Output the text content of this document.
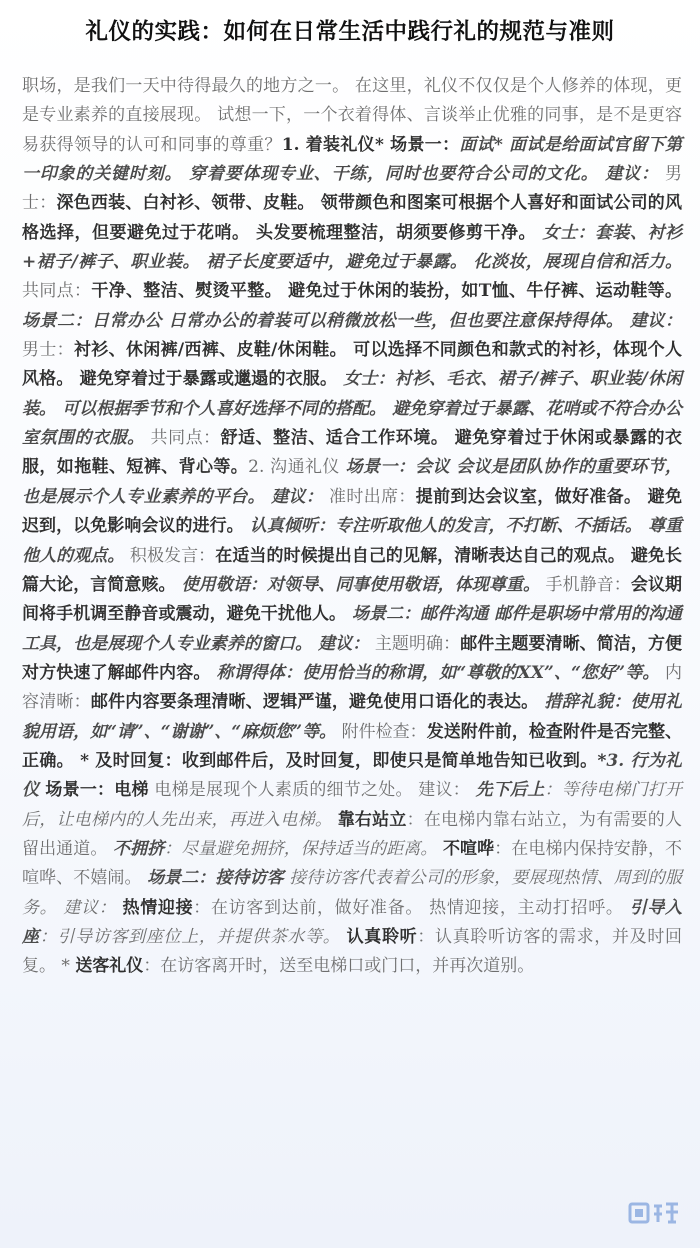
礼仪的实践：如何在日常生活中践行礼的规范与准则
职场，是我们一天中待得最久的地方之一。 在这里，礼仪不仅仅是个人修养的体现，更是专业素养的直接展现。 试想一下，一个衣着得体、言谈举止优雅的同事，是不是更容易获得领导的认可和同事的尊重？1. 着装礼仪* 场景一：面试* 面试是给面试官留下第一印象的关键时刻。 穿着要体现专业、干练，同时也要符合公司的文化。 建议： 男士：深色西装、白衬衫、领带、皮鞋。 领带颜色和图案可根据个人喜好和面试公司的风格选择，但要避免过于花哨。 头发要梳理整洁，胡须要修剪干净。 女士：套装、衬衫+裙子/裤子、职业装。 裙子长度要适中，避免过于暴露。 化淡妆，展现自信和活力。 共同点：干净、整洁、熨烫平整。 避免过于休闲的装扮，如T恤、牛仔裤、运动鞋等。 场景二：日常办公 日常办公的着装可以稍微放松一些，但也要注意保持得体。 建议： 男士：衬衫、休闲裤/西裤、皮鞋/休闲鞋。 可以选择不同颜色和款式的衬衫，体现个人风格。 避免穿着过于暴露或邋遢的衣服。 女士：衬衫、毛衣、裙子/裤子、职业装/休闲装。 可以根据季节和个人喜好选择不同的搭配。 避免穿着过于暴露、花哨或不符合办公室氛围的衣服。 共同点：舒适、整洁、适合工作环境。 避免穿着过于休闲或暴露的衣服，如拖鞋、短裤、背心等。2. 沟通礼仪 场景一：会议 会议是团队协作的重要环节，也是展示个人专业素养的平台。 建议： 准时出席：提前到达会议室，做好准备。 避免迟到，以免影响会议的进行。 认真倾听：专注听取他人的发言，不打断、不插话。 尊重他人的观点。 积极发言：在适当的时候提出自己的见解，清晰表达自己的观点。 避免长篇大论，言简意赅。 使用敬语：对领导、同事使用敬语，体现尊重。 手机静音：会议期间将手机调至静音或震动，避免干扰他人。 场景二：邮件沟通 邮件是职场中常用的沟通工具，也是展现个人专业素养的窗口。 建议： 主题明确：邮件主题要清晰、简洁，方便对方快速了解邮件内容。 称谓得体：使用恰当的称谓，如“尊敬的XX”、“您好”等。 内容清晰：邮件内容要条理清晰、逻辑严谨，避免使用口语化的表达。 措辞礼貌：使用礼貌用语，如“请”、“谢谢”、“麻烦您”等。 附件检查：发送附件前，检查附件是否完整、正确。 * 及时回复：收到邮件后，及时回复，即使只是简单地告知已收到。*3. 行为礼仪 场景一：电梯 电梯是展现个人素质的细节之处。 建议： 先下后上：等待电梯门打开后，让电梯内的人先出来，再进入电梯。 靠右站立：在电梯内靠右站立，为有需要的人留出通道。 不拥挤：尽量避免拥挤，保持适当的距离。 不喧哗：在电梯内保持安静，不喧哗、不嬉闹。 场景二：接待访客 接待访客代表着公司的形象，要展现热情、周到的服务。 建议： 热情迎接：在访客到达前，做好准备。 热情迎接，主动打招呼。 引导入座：引导访客到座位上，并提供茶水等。 认真聆听：认真聆听访客的需求，并及时回复。 * 送客礼仪：在访客离开时，送至电梯口或门口，并再次道别。
